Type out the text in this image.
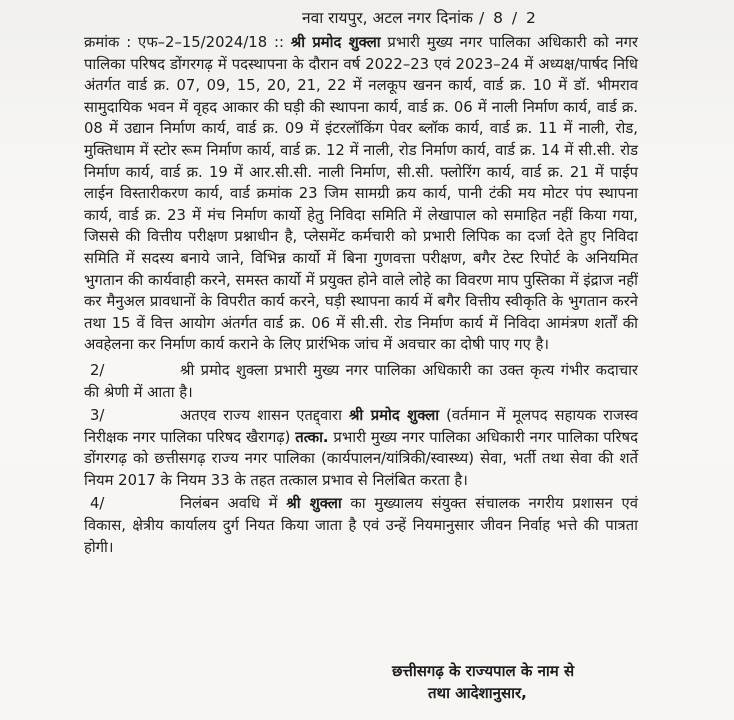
नवा रायपुर, अटल नगर दिनांक / 8 / 2

क्रमांक : एफ–2–15/2024/18 :: श्री प्रमोद शुक्ला प्रभारी मुख्य नगर पालिका अधिकारी को नगर पालिका परिषद डोंगरगढ़ में पदस्थापना के दौरान वर्ष 2022–23 एवं 2023–24 में अध्यक्ष/पार्षद निधि अंतर्गत वार्ड क्र. 07, 09, 15, 20, 21, 22 में नलकूप खनन कार्य, वार्ड क्र. 10 में डॉ. भीमराव सामुदायिक भवन में वृहद आकार की घड़ी की स्थापना कार्य, वार्ड क्र. 06 में नाली निर्माण कार्य, वार्ड क्र. 08 में उद्यान निर्माण कार्य, वार्ड क्र. 09 में इंटरलॉकिंग पेवर ब्लॉक कार्य, वार्ड क्र. 11 में नाली, रोड, मुक्तिधाम में स्टोर रूम निर्माण कार्य, वार्ड क्र. 12 में नाली, रोड निर्माण कार्य, वार्ड क्र. 14 में सी.सी. रोड निर्माण कार्य, वार्ड क्र. 19 में आर.सी.सी. नाली निर्माण, सी.सी. फ्लोरिंग कार्य, वार्ड क्र. 21 में पाईप लाईन विस्तारीकरण कार्य, वार्ड क्रमांक 23 जिम सामग्री क्रय कार्य, पानी टंकी मय मोटर पंप स्थापना कार्य, वार्ड क्र. 23 में मंच निर्माण कार्यो हेतु निविदा समिति में लेखापाल को समाहित नहीं किया गया, जिससे की वित्तीय परीक्षण प्रश्नाधीन है, प्लेसमेंट कर्मचारी को प्रभारी लिपिक का दर्जा देते हुए निविदा समिति में सदस्य बनाये जाने, विभिन्न कार्यो में बिना गुणवत्ता परीक्षण, बगैर टेस्ट रिपोर्ट के अनियमित भुगतान की कार्यवाही करने, समस्त कार्यो में प्रयुक्त होने वाले लोहे का विवरण माप पुस्तिका में इंद्राज नहीं कर मैनुअल प्रावधानों के विपरीत कार्य करने, घड़ी स्थापना कार्य में बगैर वित्तीय स्वीकृति के भुगतान करने तथा 15 वें वित्त आयोग अंतर्गत वार्ड क्र. 06 में सी.सी. रोड निर्माण कार्य में निविदा आमंत्रण शर्तों की अवहेलना कर निर्माण कार्य कराने के लिए प्रारंभिक जांच में अवचार का दोषी पाए गए है।

2/	श्री प्रमोद शुक्ला प्रभारी मुख्य नगर पालिका अधिकारी का उक्त कृत्य गंभीर कदाचार की श्रेणी में आता है।

3/	अतएव राज्य शासन एतद्द्वारा श्री प्रमोद शुक्ला (वर्तमान में मूलपद सहायक राजस्व निरीक्षक नगर पालिका परिषद खैरागढ़) तत्का. प्रभारी मुख्य नगर पालिका अधिकारी नगर पालिका परिषद डोंगरगढ़ को छत्तीसगढ़ राज्य नगर पालिका (कार्यपालन/यांत्रिकी/स्वास्थ्य) सेवा, भर्ती तथा सेवा की शर्ते नियम 2017 के नियम 33 के तहत तत्काल प्रभाव से निलंबित करता है।

4/	निलंबन अवधि में श्री शुक्ला का मुख्यालय संयुक्त संचालक नगरीय प्रशासन एवं विकास, क्षेत्रीय कार्यालय दुर्ग नियत किया जाता है एवं उन्हें नियमानुसार जीवन निर्वाह भत्ते की पात्रता होगी।

छत्तीसगढ़ के राज्यपाल के नाम से
तथा आदेशानुसार,
